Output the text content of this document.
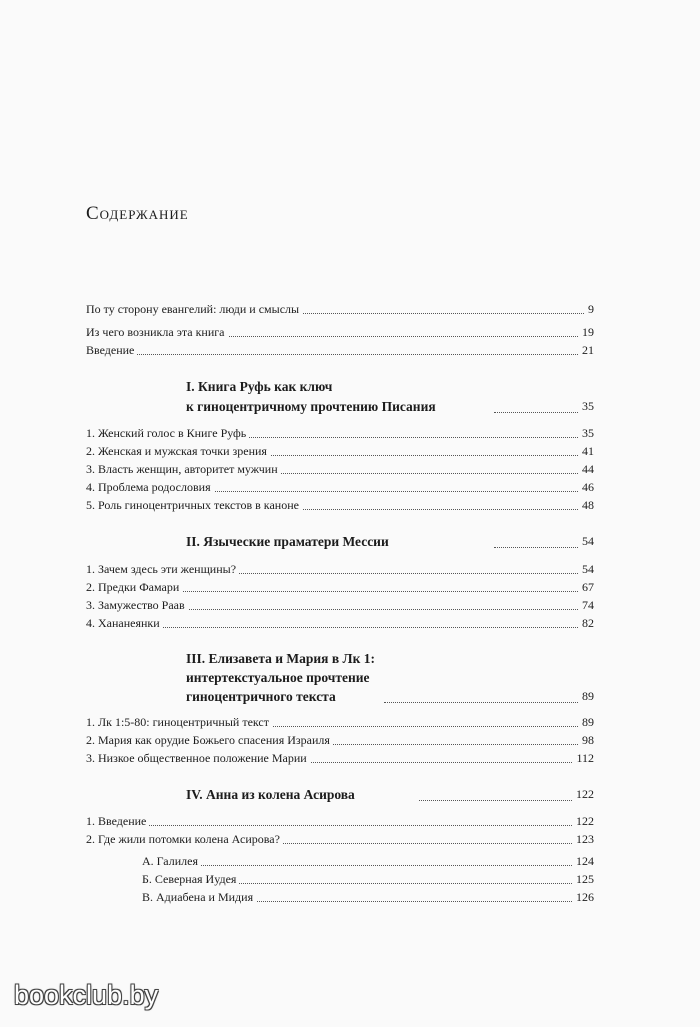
Содержание
По ту сторону евангелий: люди и смыслы	9
Из чего возникла эта книга	19
Введение	21
I. Книга Руфь как ключ
к гиноцентричному прочтению Писания	35
1. Женский голос в Книге Руфь	35
2. Женская и мужская точки зрения	41
3. Власть женщин, авторитет мужчин	44
4. Проблема родословия	46
5. Роль гиноцентричных текстов в каноне	48
II. Языческие праматери Мессии	54
1. Зачем здесь эти женщины?	54
2. Предки Фамари	67
3. Замужество Раав	74
4. Хананеянки	82
III. Елизавета и Мария в Лк 1:
интертекстуальное прочтение
гиноцентричного текста	89
1. Лк 1:5-80: гиноцентричный текст	89
2. Мария как орудие Божьего спасения Израиля	98
3. Низкое общественное положение Марии	112
IV. Анна из колена Асирова	122
1. Введение	122
2. Где жили потомки колена Асирова?	123
А. Галилея	124
Б. Северная Иудея	125
В. Адиабена и Мидия	126
bookclub.by
